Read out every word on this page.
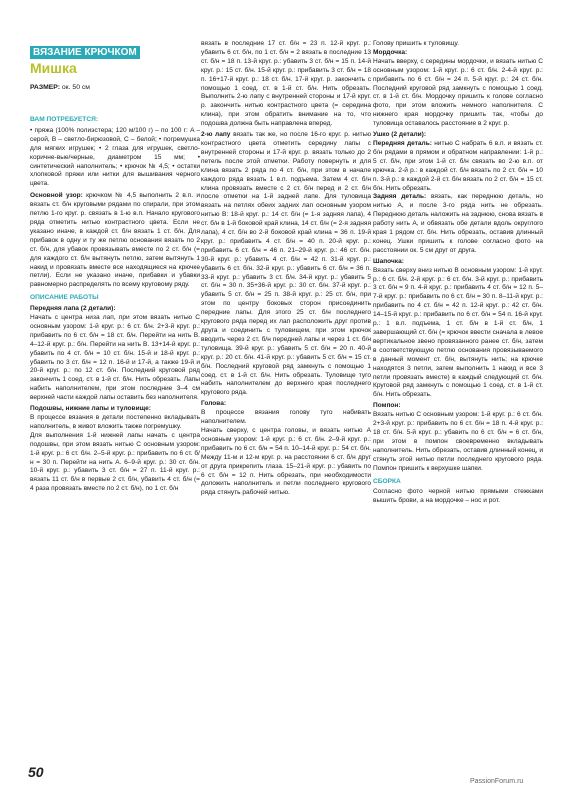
ВЯЗАНИЕ КРЮЧКОМ
Мишка
РАЗМЕР: ок. 50 см
ВАМ ПОТРЕБУЕТСЯ:

• пряжа (100% полиэстера; 120 м/100 г) – по 100 г: A – серой, B – светло-бирюзовой, C – белой; • погремушка для мягких игрушек; • 2 глаза для игрушек, светло-коричне-вые/черные, диаметром 15 мм; • синтетический наполнитель; • крючок № 4,5; • остатки хлопковой пряжи или нитки для вышивания черного цвета.

Основной узор: крючком № 4,5 выполнить 2 в.п. и вязать ст. б/н круговыми рядами по спирали, при этом петлю 1-го круг. р. связать в 1-ю в.п. Начало кругового ряда отметить нитью контрастного цвета. Если не указано иначе, в каждой ст. б/н вязать 1 ст. б/н. Для прибавок в одну и ту же петлю основания вязать по 2 ст. б/н, для убавок провязывать вместе по 2 ст. б/н (= для каждого ст. б/н вытянуть петлю, затем вытянуть 1 накид и провязать вместе все находящиеся на крючке петли). Если не указано иначе, прибавки и убавки равномерно распределять по всему круговому ряду.

ОПИСАНИЕ РАБОТЫ

Передняя лапа (2 детали):

Начать с центра низа лап, при этом вязать нитью C основным узором: 1-й круг. р.: 6 ст. б/н. 2+3-й круг. р.: прибавить по 6 ст. б/н = 18 ст. б/н. Перейти на нить B. 4–12-й круг. р.: б/н. Перейти на нить B. 13+14-й круг. р.: убавить по 4 ст. б/н = 10 ст. б/н. 15-й и 18-й круг. р.: убавить по 3 ст. б/н = 12 п. 16-й и 17-й, а также 19-й и 20-й круг. р.: по 12 ст. б/н. Последний круговой ряд закончить 1 соед. ст. в 1-й ст. б/н. Нить обрезать. Лапы набить наполнителем, при этом последние 3–4 см верхней части каждой лапы оставить без наполнителя.

Подошвы, нижние лапы и туловище:

В процессе вязания в детали постепенно вкладывать наполнитель, в живот вложить также погремушку.

Для выполнения 1-й нижней лапы начать с центра подошвы, при этом вязать нитью C основным узором: 1-й круг. р.: 6 ст. б/н. 2–5-й круг. р.: прибавить по 6 ст. б/н = 30 п. Перейти на нить A. 6–9-й круг. р.: 30 ст. б/н. 10-й круг. р.: убавить 3 ст. б/н = 27 п. 11-й круг. р.: вязать 11 ст. б/н в первые 2 ст. б/н, убавить 4 ст. б/н (= 4 раза провязать вместе по 2 ст. б/н), по 1 ст. б/н

вязать в последние 17 ст. б/н = 23 п. 12-й круг. р.: убавить 6 ст. б/н, по 1 ст. б/н = 2 вязать в последние 13 ст. б/н = 18 п. 13-й круг. р.: убавить 3 ст. б/н = 15 п. 14-й круг. р.: 15 ст. б/н. 15-й круг. р.: прибавить 3 ст. б/н = 18 п. 16+17-й круг. р.: 18 ст. б/н. 17-й круг. р. закончить с помощью 1 соед. ст. в 1-й ст. б/н. Нить обрезать. Выполнить 2-ю лапу с внутренней стороны и 17-й круг. р. закончить нитью контрастного цвета (= середина клина), при этом обратить внимание на то, что подошва должна быть направлена вперед.

2-ю лапу вязать так же, но после 16-го круг. р. нитью контрастного цвета отметить середину лапы с внутренней стороны и 17-й круг. р. вязать только до 2 петель после этой отметки. Работу повернуть и для клина вязать 2 ряда по 4 ст. б/н, при этом в начале каждого ряда вязать 1 в.п. подъема. Затем 4 ст. б/н клина провязать вместе с 2 ст. б/н перед и 2 ст. б/н после отметки на 1-й задней лапе. Для туловища вязать на петлях обеих задних лап основным узором нитью B: 18-й круг. р.: 14 ст. б/н (= 1-я задняя лапа), 4 ст. б/н в 1-й боковой край клина, 14 ст. б/н (= 2-я задняя лапа), 4 ст. б/н во 2-й боковой край клина = 36 п. 19-й круг. р.: прибавить 4 ст. б/н = 40 п. 20-й круг. р.: прибавить 6 ст. б/н = 46 п. 21–29-й круг. р.: 46 ст. б/н. 30-й круг. р.: убавить 4 ст. б/н = 42 п. 31-й круг. р.: убавить 6 ст. б/н. 32-й круг. р.: убавить 6 ст. б/н = 36 п. 33-й круг. р.: убавить 3 ст. б/н. 34-й круг. р.: убавить 5 ст. б/н = 30 п. 35+36-й круг. р.: 30 ст. б/н. 37-й круг. р.: убавить 5 ст. б/н = 25 п. 38-й круг. р.: 25 ст. б/н, при этом по центру боковых сторон присоединить передние лапы. Для этого 25 ст. б/н последнего кругового ряда перед их лап расположить друг против друга и соединить с туловищем, при этом крючок вводить через 2 ст. б/н передней лапы и через 1 ст. б/н туловища. 39-й круг. р.: убавить 5 ст. б/н = 20 п. 40-й круг. р.: 20 ст. б/н. 41-й круг. р.: убавить 5 ст. б/н = 15 ст. б/н. Последний круговой ряд замкнуть с помощью 1 соед. ст. в 1-й ст. б/н. Нить обрезать. Туловище туго набить наполнителем до верхнего края последнего кругового ряда.

Голова:

В процессе вязания голову туго набивать наполнителем.

Начать сверху, с центра головы, и вязать нитью A основным узором: 1-й круг. р.: 6 ст. б/н. 2–9-й круг. р.: прибавить по 6 ст. б/н = 54 п. 10–14-й круг. р.: 54 ст. б/н. Между 11-м и 12-м круг. р. на расстоянии 6 ст. б/н друг от друга прикрепить глаза. 15–21-й круг. р.: убавить по 6 ст. б/н = 12 п. Нить обрезать, при необходимости доложить наполнитель и петли последнего кругового ряда стянуть рабочей нитью.

Голову пришить к туловищу.

Мордочка:

Начать вверху, с середины мордочки, и вязать нитью C основным узором: 1-й круг. р.: 6 ст. б/н. 2-4-й круг. р.: прибавить по 6 ст. б/н = 24 п. 5-й круг. р.: 24 ст. б/н. Последний круговой ряд замкнуть с помощью 1 соед. ст. в 1-й ст. б/н. Мордочку пришить к голове согласно фото, при этом вложить немного наполнителя. С нижнего края мордочку пришить так, чтобы до туловища оставалось расстояние в 2 круг. р.

Ушко (2 детали):

Передняя деталь: нитью C набрать 6 в.п. и вязать ст. б/н рядами в прямом и обратном направлении: 1-й р.: 5 ст. б/н, при этом 1-й ст. б/н связать во 2-ю в.п. от крючка. 2-й р.: в каждой ст. б/н вязать по 2 ст. б/н = 10 п. 3-й р.: в каждой 2-й ст. б/н вязать по 2 ст. б/н = 15 ст. б/н. Нить обрезать.

Задняя деталь: вязать, как переднюю деталь, но нитью A, и после 3-го ряда нить не обрезать. Переднюю деталь наложить на заднюю, снова вязать в работу нить A, и обвязать обе детали вдоль округлого края 1 рядом ст. б/н. Нить обрезать, оставив длинный конец. Ушки пришить к голове согласно фото на расстоянии ок. 5 см друг от друга.

Шапочка:

Вязать сверху вниз нитью B основным узором: 1-й круг. р.: 6 ст. б/н. 2-й круг. р.: 6 ст. б/н. 3-й круг. р.: прибавить 3 ст. б/н = 9 п. 4-й круг. р.: прибавить 4 ст. б/н = 12 п. 5–7-й круг. р.: прибавить по 6 ст. б/н = 30 п. 8–11-й круг. р.: прибавить по 4 ст. б/н = 42 п. 12-й круг. р.: 42 ст. б/н. 14–15-й круг. р.: прибавить по 6 ст. б/н = 54 п. 16-й круг. р.: 1 в.п. подъема, 1 ст. б/н в 1-й ст. б/н, 1 завершающий ст. б/н (= крючок ввести сначала в левое вертикальное звено провязанного ранее ст. б/н, затем в соответствующую петлю основания провязываемого в данный момент ст. б/н, вытянуть нить; на крючке находятся 3 петли, затем выполнить 1 накид и все 3 петли провязать вместе) в каждый следующий ст. б/н. Круговой ряд замкнуть с помощью 1 соед. ст. в 1-й ст. б/н. Нить обрезать.

Помпон:

Вязать нитью C основным узором: 1-й круг. р.: 6 ст. б/н. 2+3-й круг. р.: прибавить по 6 ст. б/н = 18 п. 4-й круг. р.: 18 ст. б/н. 5-й круг. р.: убавить по 6 ст. б/н = 6 ст. б/н, при этом в помпон своевременно вкладывать наполнитель. Нить обрезать, оставив длинный конец, и стянуть этой нитью петли последнего кругового ряда. Помпон пришить к верхушке шапки.

СБОРКА

Согласно фото черной нитью прямыми стежками вышить брови, а на мордочке – нос и рот.

50
PassionForum.ru
